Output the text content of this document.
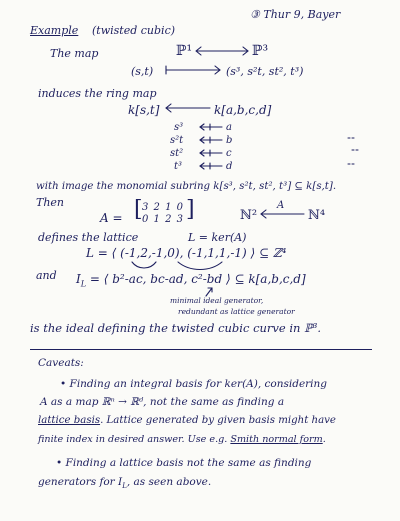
③ Thur 9, Bayer
Example (twisted cubic)
The map	ℙ¹	ℙ³
(s,t)	(s³, s²t, st², t³)
induces the ring map
k[s,t]	k[a,b,c,d]
s³	a
s²t	b
st²	c
t³	d
with image the monomial subring k[s³, s²t, st², t³] ⊆ k[s,t].
Then
A = [ 3 2 1 0
0 1 2 3 ]	ℕ²
A
ℕ⁴
defines the lattice	L = ker(A)
L = ⟨ (-1,2,-1,0), (-1,1,1,-1) ⟩ ⊆ ℤ⁴
and $I_L$ = ⟨ b²-ac, bc-ad, c²-bd ⟩ ⊆ k[a,b,c,d]
minimal ideal generator,
redundant as lattice generator
is the ideal defining the twisted cubic curve in ℙ³.
Caveats:
• Finding an integral basis for ker(A), considering
A as a map ℝⁿ → ℝᵈ, not the same as finding a
lattice basis. Lattice generated by given basis might have
finite index in desired answer. Use e.g. Smith normal form.
• Finding a lattice basis not the same as finding
generators for $I_L$, as seen above.
